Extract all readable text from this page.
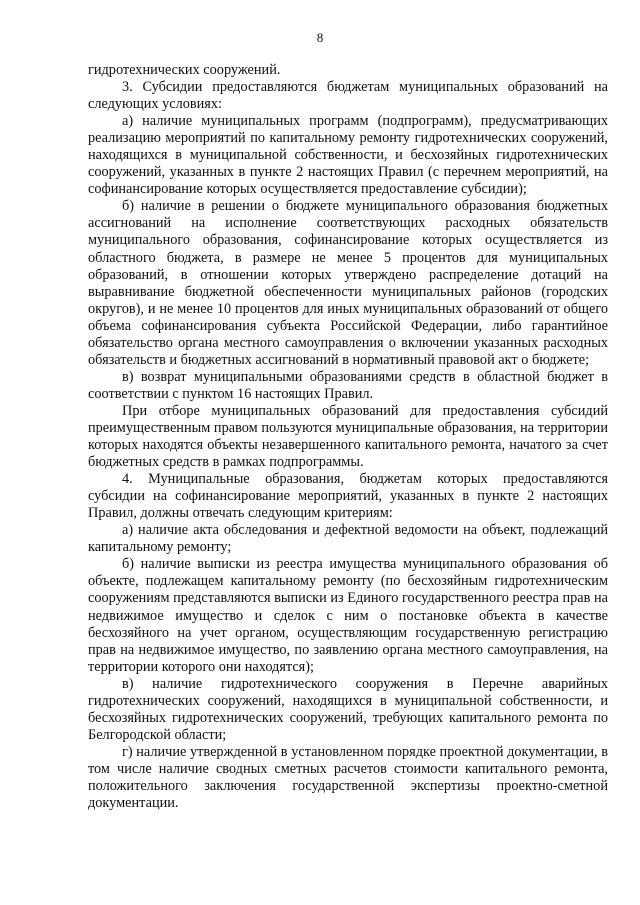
8

гидротехнических сооружений.

3. Субсидии предоставляются бюджетам муниципальных образований на следующих условиях:

а) наличие муниципальных программ (подпрограмм), предусматривающих реализацию мероприятий по капитальному ремонту гидротехнических сооружений, находящихся в муниципальной собственности, и бесхозяйных гидротехнических сооружений, указанных в пункте 2 настоящих Правил (с перечнем мероприятий, на софинансирование которых осуществляется предоставление субсидии);

б) наличие в решении о бюджете муниципального образования бюджетных ассигнований на исполнение соответствующих расходных обязательств муниципального образования, софинансирование которых осуществляется из областного бюджета, в размере не менее 5 процентов для муниципальных образований, в отношении которых утверждено распределение дотаций на выравнивание бюджетной обеспеченности муниципальных районов (городских округов), и не менее 10 процентов для иных муниципальных образований от общего объема софинансирования субъекта Российской Федерации, либо гарантийное обязательство органа местного самоуправления о включении указанных расходных обязательств и бюджетных ассигнований в нормативный правовой акт о бюджете;

в) возврат муниципальными образованиями средств в областной бюджет в соответствии с пунктом 16 настоящих Правил.

При отборе муниципальных образований для предоставления субсидий преимущественным правом пользуются муниципальные образования, на территории которых находятся объекты незавершенного капитального ремонта, начатого за счет бюджетных средств в рамках подпрограммы.

4. Муниципальные образования, бюджетам которых предоставляются субсидии на софинансирование мероприятий, указанных в пункте 2 настоящих Правил, должны отвечать следующим критериям:

а) наличие акта обследования и дефектной ведомости на объект, подлежащий капитальному ремонту;

б) наличие выписки из реестра имущества муниципального образования об объекте, подлежащем капитальному ремонту (по бесхозяйным гидротехническим сооружениям представляются выписки из Единого государственного реестра прав на недвижимое имущество и сделок с ним о постановке объекта в качестве бесхозяйного на учет органом, осуществляющим государственную регистрацию прав на недвижимое имущество, по заявлению органа местного самоуправления, на территории которого они находятся);

в) наличие гидротехнического сооружения в Перечне аварийных гидротехнических сооружений, находящихся в муниципальной собственности, и бесхозяйных гидротехнических сооружений, требующих капитального ремонта по Белгородской области;

г) наличие утвержденной в установленном порядке проектной документации, в том числе наличие сводных сметных расчетов стоимости капитального ремонта, положительного заключения государственной экспертизы проектно-сметной документации.
